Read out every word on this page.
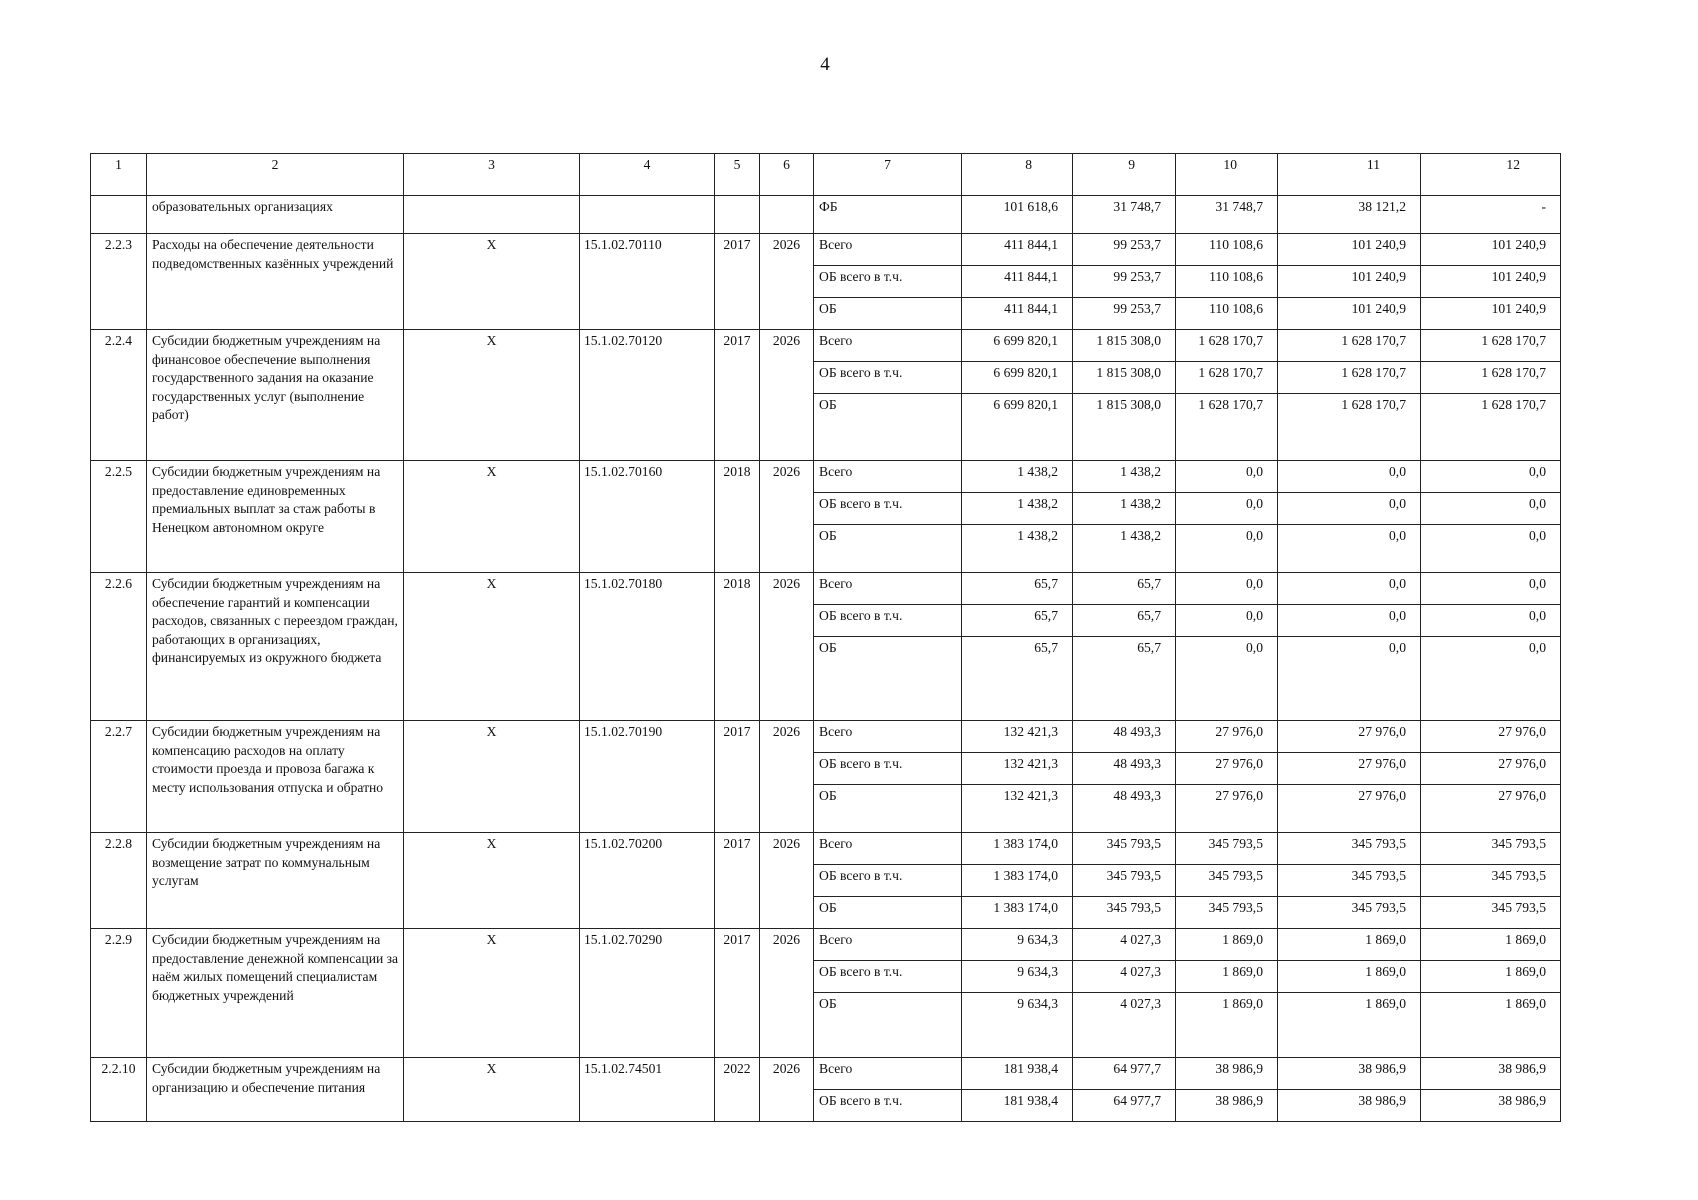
4
1	2	3	4	5	6	7	8	9	10	11	12
	образовательных организациях					ФБ	101 618,6	31 748,7	31 748,7	38 121,2	-
2.2.3	Расходы на обеспечение деятельности подведомственных казённых учреждений	Х	15.1.02.70110	2017	2026	Всего	411 844,1	99 253,7	110 108,6	101 240,9	101 240,9
						ОБ всего в т.ч.	411 844,1	99 253,7	110 108,6	101 240,9	101 240,9
						ОБ	411 844,1	99 253,7	110 108,6	101 240,9	101 240,9
2.2.4	Субсидии бюджетным учреждениям на финансовое обеспечение выполнения государственного задания на оказание государственных услуг (выполнение работ)	Х	15.1.02.70120	2017	2026	Всего	6 699 820,1	1 815 308,0	1 628 170,7	1 628 170,7	1 628 170,7
						ОБ всего в т.ч.	6 699 820,1	1 815 308,0	1 628 170,7	1 628 170,7	1 628 170,7
						ОБ	6 699 820,1	1 815 308,0	1 628 170,7	1 628 170,7	1 628 170,7
2.2.5	Субсидии бюджетным учреждениям на предоставление единовременных премиальных выплат за стаж работы в Ненецком автономном округе	Х	15.1.02.70160	2018	2026	Всего	1 438,2	1 438,2	0,0	0,0	0,0
						ОБ всего в т.ч.	1 438,2	1 438,2	0,0	0,0	0,0
						ОБ	1 438,2	1 438,2	0,0	0,0	0,0
2.2.6	Субсидии бюджетным учреждениям на обеспечение гарантий и компенсации расходов, связанных с переездом граждан, работающих в организациях, финансируемых из окружного бюджета	Х	15.1.02.70180	2018	2026	Всего	65,7	65,7	0,0	0,0	0,0
						ОБ всего в т.ч.	65,7	65,7	0,0	0,0	0,0
						ОБ	65,7	65,7	0,0	0,0	0,0
2.2.7	Субсидии бюджетным учреждениям на компенсацию расходов на оплату стоимости проезда и провоза багажа к месту использования отпуска и обратно	Х	15.1.02.70190	2017	2026	Всего	132 421,3	48 493,3	27 976,0	27 976,0	27 976,0
						ОБ всего в т.ч.	132 421,3	48 493,3	27 976,0	27 976,0	27 976,0
						ОБ	132 421,3	48 493,3	27 976,0	27 976,0	27 976,0
2.2.8	Субсидии бюджетным учреждениям на возмещение затрат по коммунальным услугам	Х	15.1.02.70200	2017	2026	Всего	1 383 174,0	345 793,5	345 793,5	345 793,5	345 793,5
						ОБ всего в т.ч.	1 383 174,0	345 793,5	345 793,5	345 793,5	345 793,5
						ОБ	1 383 174,0	345 793,5	345 793,5	345 793,5	345 793,5
2.2.9	Субсидии бюджетным учреждениям на предоставление денежной компенсации за наём жилых помещений специалистам бюджетных учреждений	Х	15.1.02.70290	2017	2026	Всего	9 634,3	4 027,3	1 869,0	1 869,0	1 869,0
						ОБ всего в т.ч.	9 634,3	4 027,3	1 869,0	1 869,0	1 869,0
						ОБ	9 634,3	4 027,3	1 869,0	1 869,0	1 869,0
2.2.10	Субсидии бюджетным учреждениям на организацию и обеспечение питания	Х	15.1.02.74501	2022	2026	Всего	181 938,4	64 977,7	38 986,9	38 986,9	38 986,9
						ОБ всего в т.ч.	181 938,4	64 977,7	38 986,9	38 986,9	38 986,9
